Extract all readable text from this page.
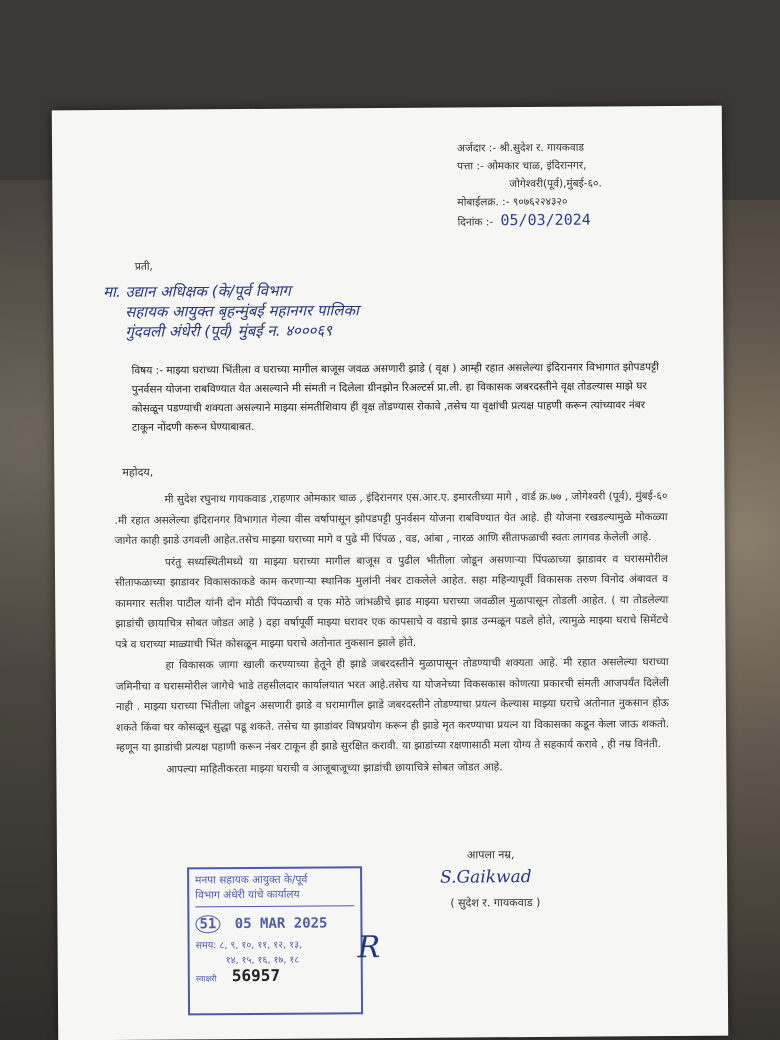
अर्जदार :- श्री.सुदेश र. गायकवाड
पत्ता :- ओमकार चाळ, इंदिरानगर,
जोगेश्वरी(पूर्व),मुंबई-६०.
मोबाईलक्र. :- ९०७६२२४३२०
दिनांक :- 05/03/2024
प्रती,
मा. उद्यान अधिक्षक (के/पूर्व विभाग
सहायक आयुक्त बृहन्मुंबई महानगर पालिका
गुंदवली अंधेरी (पूर्व) मुंबई न. ४०००६९
विषय :- माझ्या घराच्या भिंतीला व घराच्या मागील बाजूस जवळ असणारी झाडे ( वृक्ष ) आम्ही रहात असलेल्या इंदिरानगर विभागात झोपडपट्टी पुनर्वसन योजना राबविण्यात येत असल्याने मी संमती न दिलेला ग्रीनझोन रिअल्टर्स प्रा.ली. हा विकासक जबरदस्तीने वृक्ष तोडल्यास माझे घर कोसळून पडण्याची शक्यता असल्याने माझ्या संमतीशिवाय ही वृक्ष तोडण्यास रोकावे ,तसेच या वृक्षांची प्रत्यक्ष पाहणी करून त्यांच्यावर नंबर टाकून नोंदणी करून घेण्याबाबत.
महोदय,

मी सुदेश रघुनाथ गायकवाड ,राहणार ओमकार चाळ , इंदिरानगर एस.आर.ए. इमारतीच्या मागे , वार्ड क्र.७७ , जोगेश्वरी (पूर्व), मुंबई-६० .मी रहात असलेल्या इंदिरानगर विभागात गेल्या वीस वर्षापासून झोपडपट्टी पुनर्वसन योजना राबविण्यात येत आहे. ही योजना रखडल्यामुळे मोकळ्या जागेत काही झाडे उगवली आहेत.तसेच माझ्या घराच्या मागे व पुढे मी पिंपळ , वड, आंबा , नारळ आणि सीताफळाची स्वतः लागवड केलेली आहे.

परंतु सध्यस्थितीमध्ये या माझ्या घराच्या मागील बाजूस व पुढील भीतीला जोडून असणाऱ्या पिंपळाच्या झाडावर व घरासमोरील सीताफळाच्या झाडावर विकासकाकडे काम करणाऱ्या स्थानिक मुलांनी नंबर टाकलेले आहेत. सहा महिन्यापूर्वी विकासक तरुण विनोद अंबावत व कामगार सतीश पाटील यांनी दोन मोठी पिंपळाची व एक मोठे जांभळीचे झाड माझ्या घराच्या जवळील मुळापासून तोडली आहेत. ( या तोडलेल्या झाडांची छायाचित्र सोबत जोडत आहे ) दहा वर्षापूर्वी माझ्या घरावर एक कापसाचे व वडाचे झाड उन्मळून पडले होते, त्यामुळे माझ्या घराचे सिमेंटचे पत्रे व घराच्या माळ्याची भिंत कोसळून माझ्या घराचे अतोनात नुकसान झाले होते.

हा विकासक जागा खाली करण्याच्या हेतूने ही झाडे जबरदस्तीने मुळापासून तोडण्याची शक्यता आहे. मी रहात असलेल्या घराच्या जमिनीचा व घरासमोरील जागेचे भाडे तहसीलदार कार्यालयात भरत आहे.तसेच या योजनेच्या विकसकास कोणत्या प्रकारची संमती आजपर्यंत दिलेली नाही . माझ्या घराच्या भिंतीला जोडून असणारी झाडे व घरामागील झाडे जबरदस्तीने तोडण्याचा प्रयत्न केल्यास माझ्या घराचे अतोनात नुकसान होऊ शकते किंवा घर कोसळून सुद्धा पडू शकते. तसेच या झाडांवर विषप्रयोग करून ही झाडे मृत करण्याचा प्रयत्न या विकासका कडून केला जाऊ शकतो. म्हणून या झाडांची प्रत्यक्ष पहाणी करून नंबर टाकून ही झाडे सुरक्षित करावी. या झाडांच्या रक्षणासाठी मला योग्य ते सहकार्य करावे , ही नम्र विनंती.

आपल्या माहितीकरता माझ्या घराची व आजूबाजूच्या झाडांची छायाचित्रे सोबत जोडत आहे.

आपला नम्र,
S.Gaikwad
( सुदेश र. गायकवाड )
मनपा सहायक आयुक्त के/पूर्व
विभाग अंधेरी यांचे कार्यालय
51 05 MAR 2025
समय: ८, ९, १०, ११, १२, १३,
१४, १५, १६, १७, १८
स्वाक्षरी 56957
R
